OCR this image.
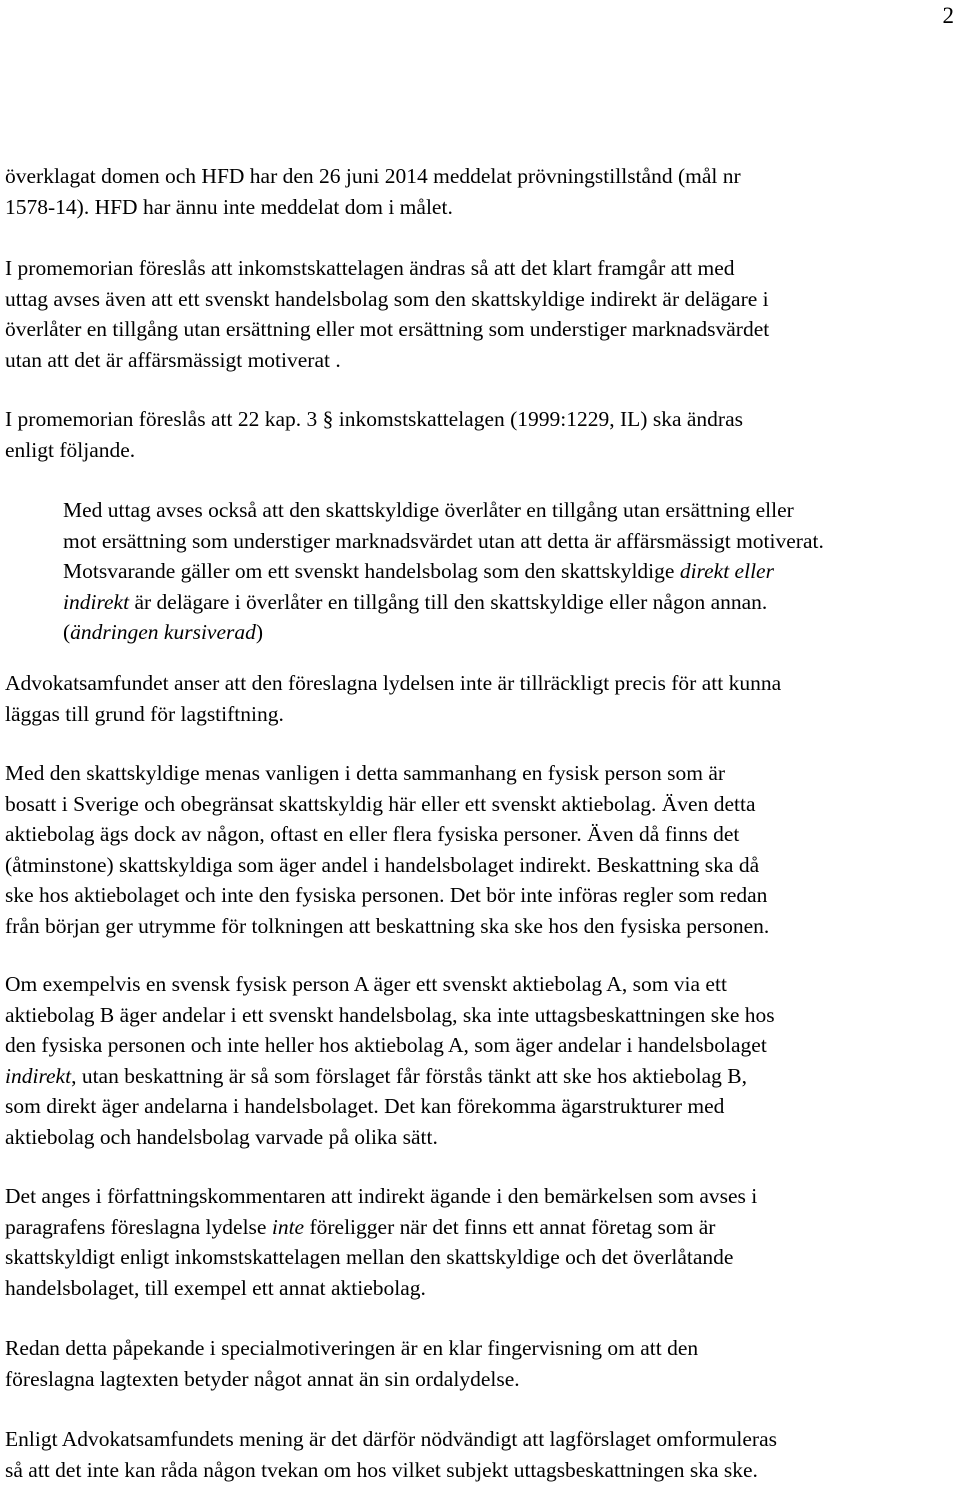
2

överklagat domen och HFD har den 26 juni 2014 meddelat prövningstillstånd (mål nr
1578-14). HFD har ännu inte meddelat dom i målet.

I promemorian föreslås att inkomstskattelagen ändras så att det klart framgår att med
uttag avses även att ett svenskt handelsbolag som den skattskyldige indirekt är delägare i
överlåter en tillgång utan ersättning eller mot ersättning som understiger marknadsvärdet
utan att det är affärsmässigt motiverat .

I promemorian föreslås att 22 kap. 3 § inkomstskattelagen (1999:1229, IL) ska ändras
enligt följande.

Med uttag avses också att den skattskyldige överlåter en tillgång utan ersättning eller
mot ersättning som understiger marknadsvärdet utan att detta är affärsmässigt motiverat.
Motsvarande gäller om ett svenskt handelsbolag som den skattskyldige direkt eller
indirekt är delägare i överlåter en tillgång till den skattskyldige eller någon annan.
(ändringen kursiverad)

Advokatsamfundet anser att den föreslagna lydelsen inte är tillräckligt precis för att kunna
läggas till grund för lagstiftning.

Med den skattskyldige menas vanligen i detta sammanhang en fysisk person som är
bosatt i Sverige och obegränsat skattskyldig här eller ett svenskt aktiebolag. Även detta
aktiebolag ägs dock av någon, oftast en eller flera fysiska personer. Även då finns det
(åtminstone) skattskyldiga som äger andel i handelsbolaget indirekt. Beskattning ska då
ske hos aktiebolaget och inte den fysiska personen. Det bör inte införas regler som redan
från början ger utrymme för tolkningen att beskattning ska ske hos den fysiska personen.

Om exempelvis en svensk fysisk person A äger ett svenskt aktiebolag A, som via ett
aktiebolag B äger andelar i ett svenskt handelsbolag, ska inte uttagsbeskattningen ske hos
den fysiska personen och inte heller hos aktiebolag A, som äger andelar i handelsbolaget
indirekt, utan beskattning är så som förslaget får förstås tänkt att ske hos aktiebolag B,
som direkt äger andelarna i handelsbolaget. Det kan förekomma ägarstrukturer med
aktiebolag och handelsbolag varvade på olika sätt.

Det anges i författningskommentaren att indirekt ägande i den bemärkelsen som avses i
paragrafens föreslagna lydelse inte föreligger när det finns ett annat företag som är
skattskyldigt enligt inkomstskattelagen mellan den skattskyldige och det överlåtande
handelsbolaget, till exempel ett annat aktiebolag.

Redan detta påpekande i specialmotiveringen är en klar fingervisning om att den
föreslagna lagtexten betyder något annat än sin ordalydelse.

Enligt Advokatsamfundets mening är det därför nödvändigt att lagförslaget omformuleras
så att det inte kan råda någon tvekan om hos vilket subjekt uttagsbeskattningen ska ske.
